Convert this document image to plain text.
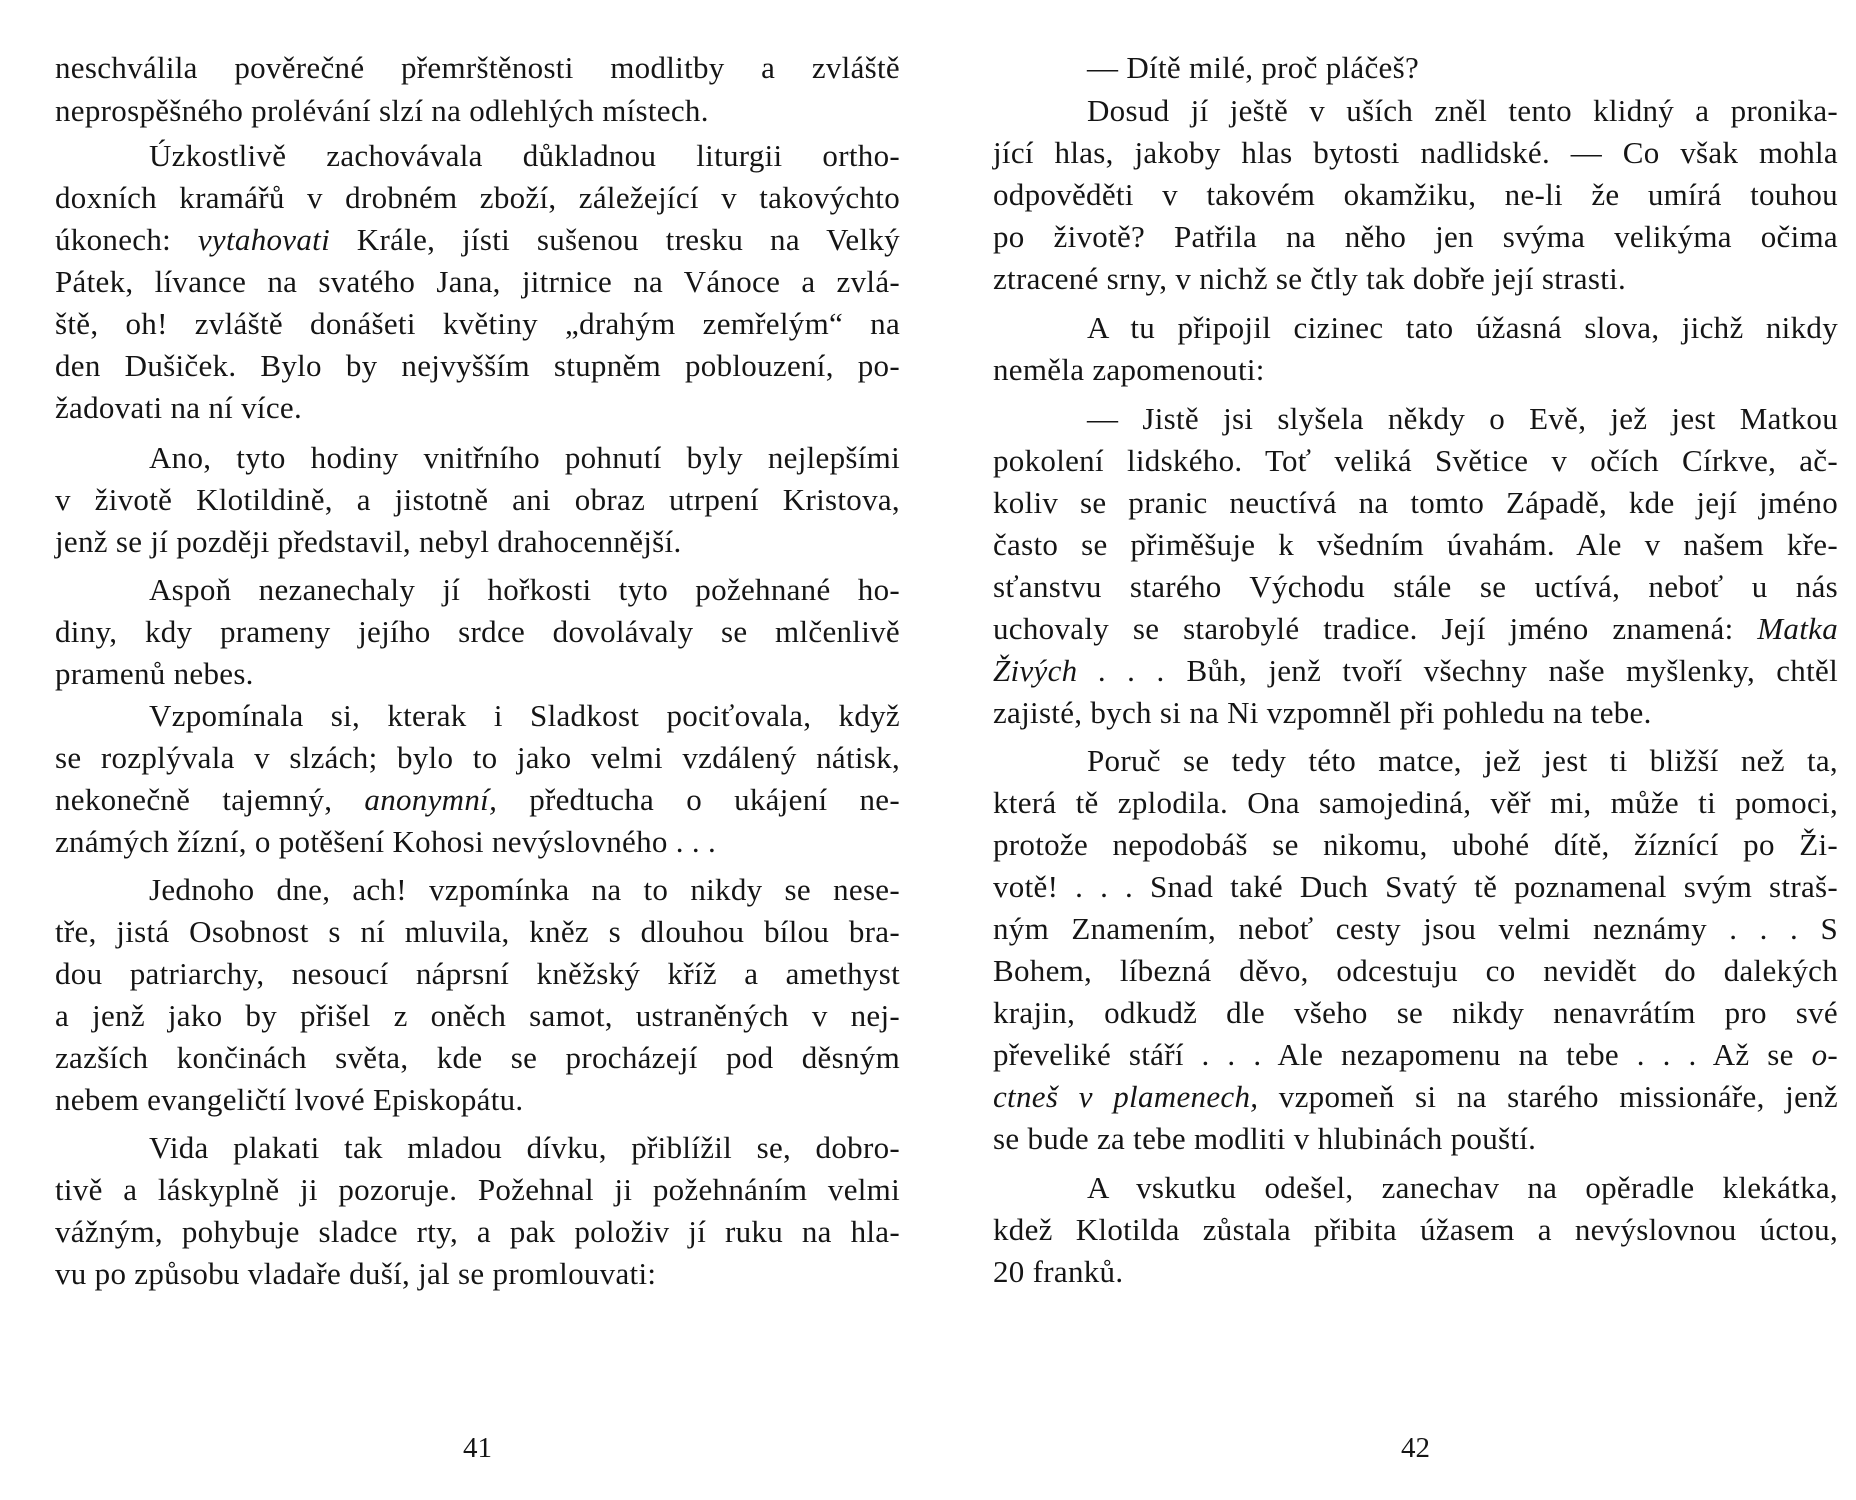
41
neschválila pověrečné přemrštěnosti modlitby a zvláště
neprospěšného prolévání slzí na odlehlých místech.
Úzkostlivě zachovávala důkladnou liturgii ortho-
doxních kramářů v drobném zboží, záležející v takovýchto
úkonech: vytahovati Krále, jísti sušenou tresku na Velký
Pátek, lívance na svatého Jana, jitrnice na Vánoce a zvlá-
ště, oh! zvláště donášeti květiny „drahým zemřelým“ na
den Dušiček. Bylo by nejvyšším stupněm poblouzení, po-
žadovati na ní více.
Ano, tyto hodiny vnitřního pohnutí byly nejlepšími
v životě Klotildině, a jistotně ani obraz utrpení Kristova,
jenž se jí později představil, nebyl drahocennější.
Aspoň nezanechaly jí hořkosti tyto požehnané ho-
diny, kdy prameny jejího srdce dovolávaly se mlčenlivě
pramenů nebes.
Vzpomínala si, kterak i Sladkost pociťovala, když
se rozplývala v slzách; bylo to jako velmi vzdálený nátisk,
nekonečně tajemný, anonymní, předtucha o ukájení ne-
známých žízní, o potěšení Kohosi nevýslovného . . .
Jednoho dne, ach! vzpomínka na to nikdy se nese-
tře, jistá Osobnost s ní mluvila, kněz s dlouhou bílou bra-
dou patriarchy, nesoucí náprsní kněžský kříž a amethyst
a jenž jako by přišel z oněch samot, ustraněných v nej-
zazších končinách světa, kde se procházejí pod děsným
nebem evangeličtí lvové Episkopátu.
Vida plakati tak mladou dívku, přiblížil se, dobro-
tivě a láskyplně ji pozoruje. Požehnal ji požehnáním velmi
vážným, pohybuje sladce rty, a pak položiv jí ruku na hla-
vu po způsobu vladaře duší, jal se promlouvati:
42
— Dítě milé, proč pláčeš?
Dosud jí ještě v uších zněl tento klidný a pronika-
jící hlas, jakoby hlas bytosti nadlidské. — Co však mohla
odpověděti v takovém okamžiku, ne-li že umírá touhou
po životě? Patřila na něho jen svýma velikýma očima
ztracené srny, v nichž se čtly tak dobře její strasti.
A tu připojil cizinec tato úžasná slova, jichž nikdy
neměla zapomenouti:
— Jistě jsi slyšela někdy o Evě, jež jest Matkou
pokolení lidského. Toť veliká Světice v očích Církve, ač-
koliv se pranic neuctívá na tomto Západě, kde její jméno
často se přiměšuje k všedním úvahám. Ale v našem kře-
sťanstvu starého Východu stále se uctívá, neboť u nás
uchovaly se starobylé tradice. Její jméno znamená: Matka
Živých . . . Bůh, jenž tvoří všechny naše myšlenky, chtěl
zajisté, bych si na Ni vzpomněl při pohledu na tebe.
Poruč se tedy této matce, jež jest ti bližší než ta,
která tě zplodila. Ona samojediná, věř mi, může ti pomoci,
protože nepodobáš se nikomu, ubohé dítě, žíznící po Ži-
votě! . . . Snad také Duch Svatý tě poznamenal svým straš-
ným Znamením, neboť cesty jsou velmi neznámy . . . S
Bohem, líbezná děvo, odcestuju co nevidět do dalekých
krajin, odkudž dle všeho se nikdy nenavrátím pro své
převeliké stáří . . . Ale nezapomenu na tebe . . . Až se o-
ctneš v plamenech, vzpomeň si na starého missionáře, jenž
se bude za tebe modliti v hlubinách pouští.
A vskutku odešel, zanechav na opěradle klekátka,
kdež Klotilda zůstala přibita úžasem a nevýslovnou úctou,
20 franků.
